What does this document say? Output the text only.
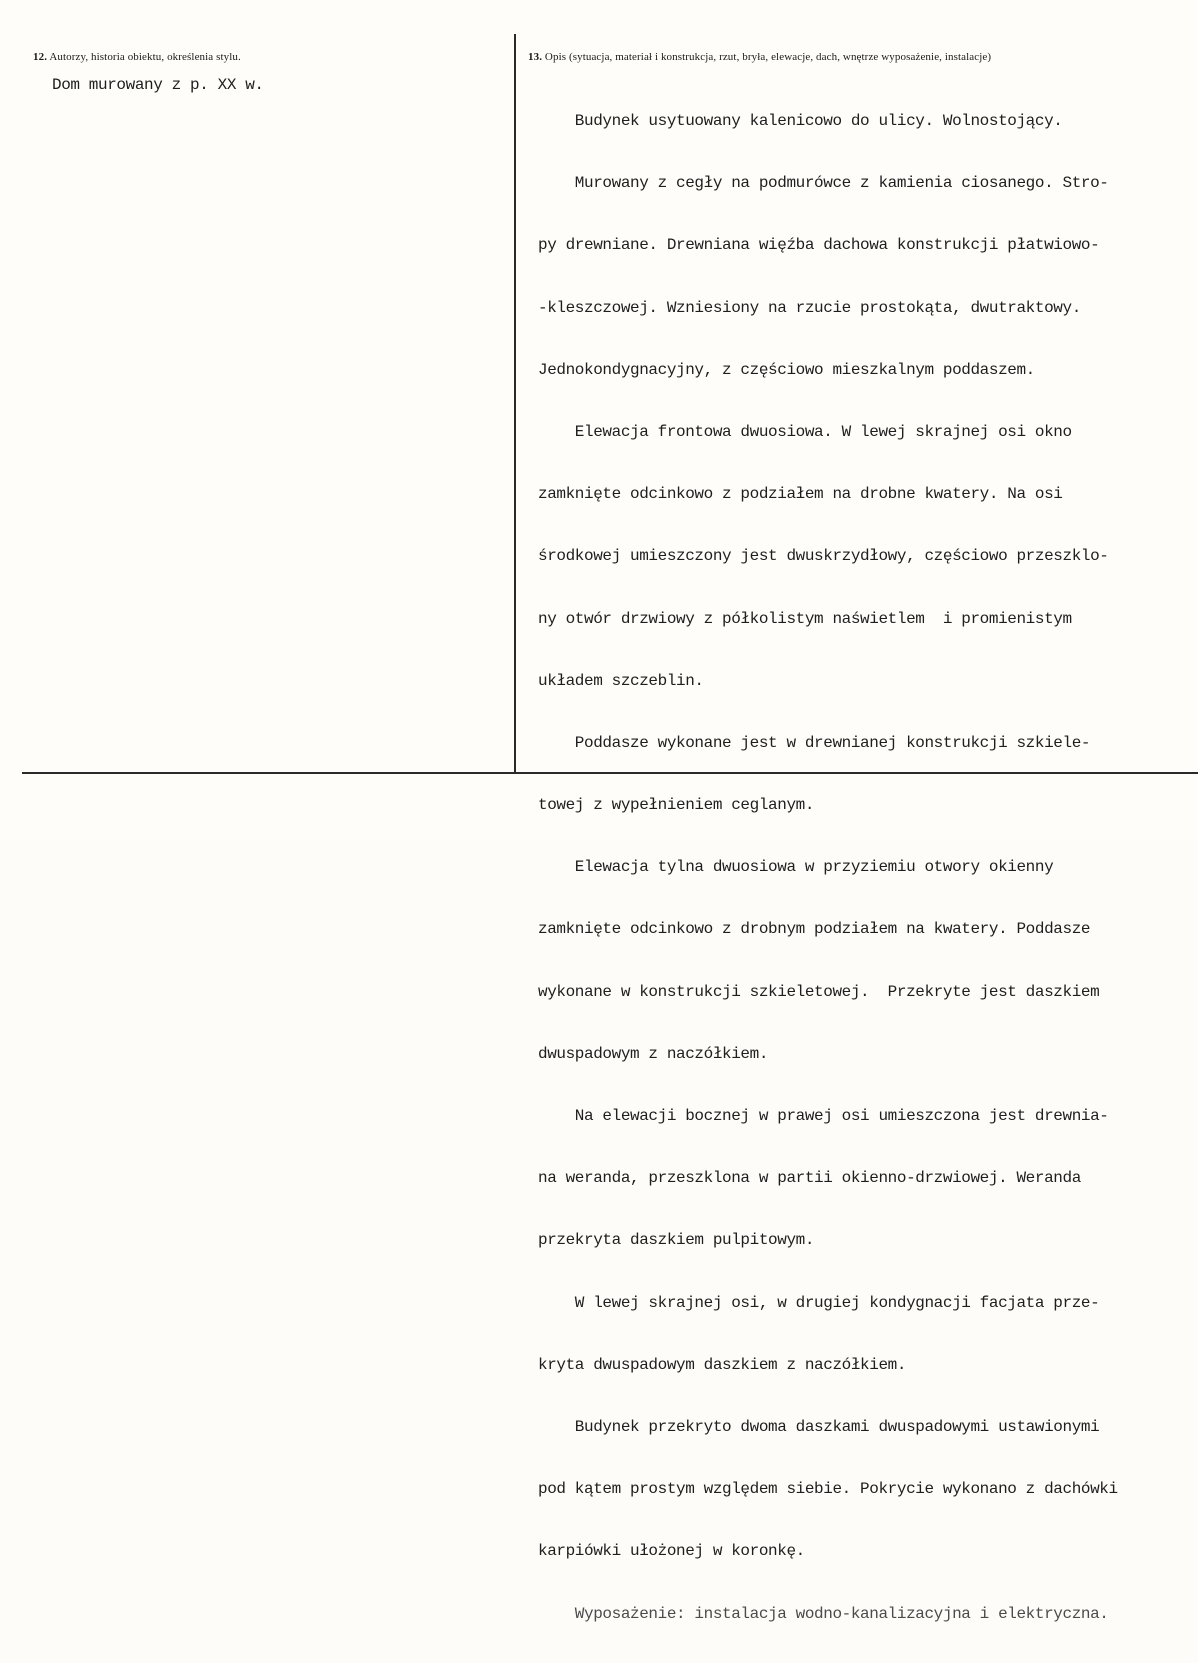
12. Autorzy, historia obiektu, określenia stylu.
Dom murowany z p. XX w.
13. Opis (sytuacja, materiał i konstrukcja, rzut, bryła, elewacje, dach, wnętrze wyposażenie, instalacje)

Budynek usytuowany kalenicowo do ulicy. Wolnostojący.

Murowany z cegły na podmurówce z kamienia ciosanego. Stro-

py drewniane. Drewniana więźba dachowa konstrukcji płatwiowo-

-kleszczowej. Wzniesiony na rzucie prostokąta, dwutraktowy.

Jednokondygnacyjny, z częściowo mieszkalnym poddaszem.

Elewacja frontowa dwuosiowa. W lewej skrajnej osi okno

zamknięte odcinkowo z podziałem na drobne kwatery. Na osi

środkowej umieszczony jest dwuskrzydłowy, częściowo przeszklo-

ny otwór drzwiowy z półkolistym naświetlem  i promienistym

układem szczeblin.

Poddasze wykonane jest w drewnianej konstrukcji szkiele-

towej z wypełnieniem ceglanym.

Elewacja tylna dwuosiowa w przyziemiu otwory okienny

zamknięte odcinkowo z drobnym podziałem na kwatery. Poddasze

wykonane w konstrukcji szkieletowej.  Przekryte jest daszkiem

dwuspadowym z naczółkiem.

Na elewacji bocznej w prawej osi umieszczona jest drewnia-

na weranda, przeszklona w partii okienno-drzwiowej. Weranda

przekryta daszkiem pulpitowym.

W lewej skrajnej osi, w drugiej kondygnacji facjata prze-

kryta dwuspadowym daszkiem z naczółkiem.

Budynek przekryto dwoma daszkami dwuspadowymi ustawionymi

pod kątem prostym względem siebie. Pokrycie wykonano z dachówki

karpiówki ułożonej w koronkę.

Wyposażenie: instalacja wodno-kanalizacyjna i elektryczna.
